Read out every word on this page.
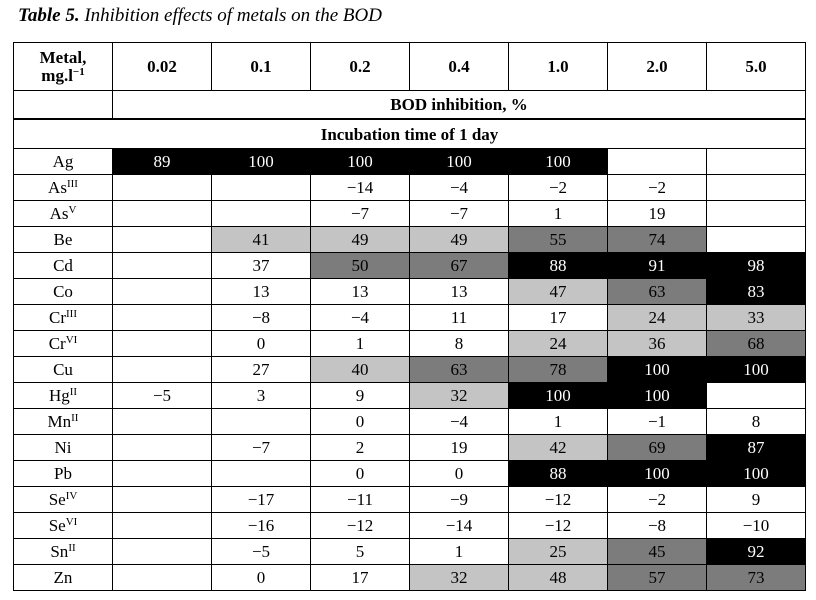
Table 5. Inhibition effects of metals on the BOD
Metal,
$mg.l^{-1}$	0.02	0.1	0.2	0.4	1.0	2.0	5.0
	BOD inhibition, %						
Incubation time of 1 day							
Ag	89	100	100	100	100		
$As^{III}$			−14	−4	−2	−2	
$As^V$			−7	−7	1	19	
Be		41	49	49	55	74	
Cd		37	50	67	88	91	98
Co		13	13	13	47	63	83
$Cr^{III}$		−8	−4	11	17	24	33
$Cr^{VI}$		0	1	8	24	36	68
Cu		27	40	63	78	100	100
$Hg^{II}$	−5	3	9	32	100	100	
$Mn^{II}$			0	−4	1	−1	8
Ni		−7	2	19	42	69	87
Pb			0	0	88	100	100
$Se^{IV}$		−17	−11	−9	−12	−2	9
$Se^{VI}$		−16	−12	−14	−12	−8	−10
$Sn^{II}$		−5	5	1	25	45	92
Zn		0	17	32	48	57	73
